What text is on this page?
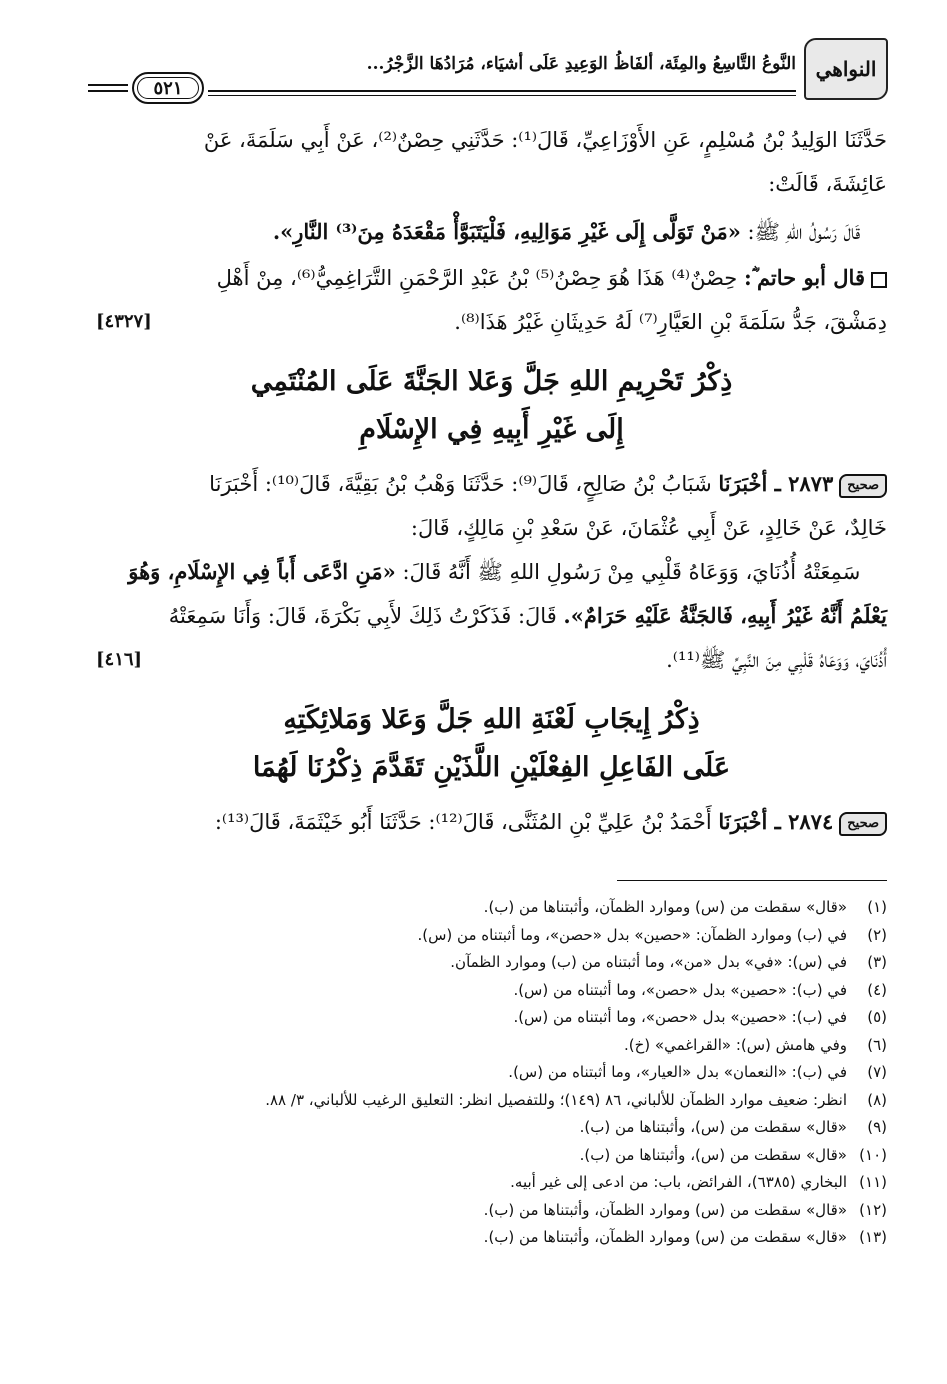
النواهي
النَّوعُ التَّاسِعُ والمِئَة، ألفَاظُ الوَعِيدِ عَلَى أشيَاء، مُرَادُهَا الزَّجْرُ...
٥٢١

حَدَّثَنَا الوَلِيدُ بْنُ مُسْلِمٍ، عَنِ الأَوْزَاعِيِّ، قَالَ⁽¹⁾: حَدَّثَنِي حِصْنٌ⁽²⁾، عَنْ أَبِي سَلَمَةَ، عَنْ
عَائِشَةَ، قَالَتْ:

قَالَ رَسُولُ اللهِ ﷺ: «مَنْ تَوَلَّى إِلَى غَيْرِ مَوَالِيهِ، فَلْيَتَبَوَّأْ مَقْعَدَهُ مِنَ⁽³⁾ النَّارِ».

قال أبو حاتم ؓ: حِصْنٌ⁽⁴⁾ هَذَا هُوَ حِصْنُ⁽⁵⁾ بْنُ عَبْدِ الرَّحْمَنِ التَّرَاغِمِيُّ⁽⁶⁾، مِنْ أَهْلِ
دِمَشْقَ، جَدُّ سَلَمَةَ بْنِ العَيَّارِ⁽⁷⁾ لَهُ حَدِيثَانِ غَيْرُ هَذَا⁽⁸⁾.
[٤٣٢٧]

ذِكْرُ تَحْرِيمِ اللهِ جَلَّ وَعَلا الجَنَّةَ عَلَى المُنْتَمِي
إِلَى غَيْرِ أَبِيهِ فِي الإِسْلَامِ

صحيح٢٨٧٣ ـ أخْبَرَنَا شَبَابُ بْنُ صَالِحٍ، قَالَ⁽⁹⁾: حَدَّثَنَا وَهْبُ بْنُ بَقِيَّةَ، قَالَ⁽¹⁰⁾: أَخْبَرَنَا
خَالِدٌ، عَنْ خَالِدٍ، عَنْ أَبِي عُثْمَانَ، عَنْ سَعْدِ بْنِ مَالِكٍ، قَالَ:
سَمِعَتْهُ أُذُنَايَ، وَوَعَاهُ قَلْبِي مِنْ رَسُولِ اللهِ ﷺ أَنَّهُ قَالَ: «مَنِ ادَّعَى أَباً فِي الإِسْلَامِ، وَهُوَ
يَعْلَمُ أَنَّهُ غَيْرُ أَبِيهِ، فَالجَنَّةُ عَلَيْهِ حَرَامٌ». قَالَ: فَذَكَرْتُ ذَلِكَ لأَبِي بَكْرَةَ، قَالَ: وَأَنَا سَمِعَتْهُ
أُذُنَايَ، وَوَعَاهُ قَلْبِي مِنَ النَّبِيِّ ﷺ⁽¹¹⁾.
[٤١٦]

ذِكْرُ إِيجَابِ لَعْنَةِ اللهِ جَلَّ وَعَلا وَمَلائِكَتِهِ
عَلَى الفَاعِلِ الفِعْلَيْنِ اللَّذَيْنِ تَقَدَّمَ ذِكْرُنَا لَهُمَا

صحيح٢٨٧٤ ـ أخْبَرَنَا أَحْمَدُ بْنُ عَلِيِّ بْنِ المُثَنَّى، قَالَ⁽¹²⁾: حَدَّثَنَا أَبُو خَيْثَمَةَ، قَالَ⁽¹³⁾:

(١)«قال» سقطت من (س) وموارد الظمآن، وأثبتناها من (ب).
(٢)في (ب) وموارد الظمآن: «حصين» بدل «حصن»، وما أثبتناه من (س).
(٣)في (س): «في» بدل «من»، وما أثبتناه من (ب) وموارد الظمآن.
(٤)في (ب): «حصين» بدل «حصن»، وما أثبتناه من (س).
(٥)في (ب): «حصين» بدل «حصن»، وما أثبتناه من (س).
(٦)وفي هامش (س): «القراغمي» (خ).
(٧)في (ب): «النعمان» بدل «العيار»، وما أثبتناه من (س).
(٨)انظر: ضعيف موارد الظمآن للألباني، ٨٦ (١٤٩)؛ وللتفصيل انظر: التعليق الرغيب للألباني، ٣/ ٨٨.
(٩)«قال» سقطت من (س)، وأثبتناها من (ب).
(١٠)«قال» سقطت من (س)، وأثبتناها من (ب).
(١١)البخاري (٦٣٨٥)، الفرائض، باب: من ادعى إلى غير أبيه.
(١٢)«قال» سقطت من (س) وموارد الظمآن، وأثبتناها من (ب).
(١٣)«قال» سقطت من (س) وموارد الظمآن، وأثبتناها من (ب).
